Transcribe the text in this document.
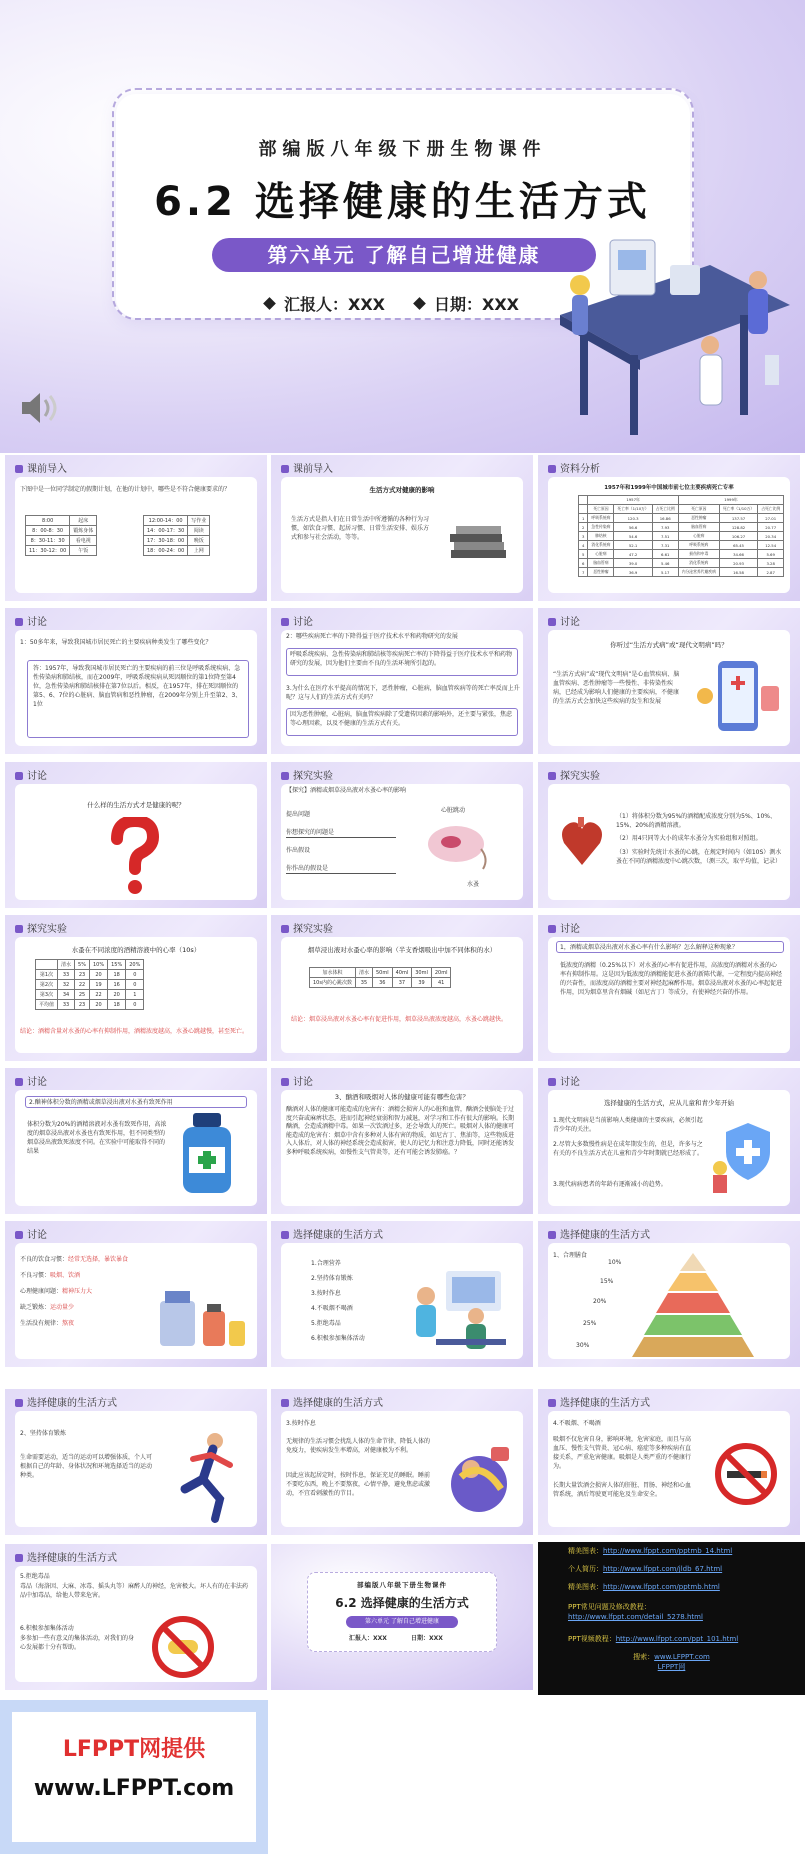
部编版八年级下册生物课件
6.2 选择健康的生活方式
第六单元 了解自己增进健康
汇报人：XXX	日期：XXX
课前导入
下图中是一位同学制定的假期计划，在他的计划中，哪些是不符合健康要求的？
8:00	起床
8：00-8：30	锻炼身体
8：30-11：30	看电视
11：30-12：00	午饭
12:00-14：00	写作业
14：00-17：30	阅读
17：30-18：00	晚饭
18：00-24：00	上网
课前导入
生活方式对健康的影响
生活方式是指人们在日常生活中所遵循的各种行为习惯，如饮食习惯、起居习惯、日常生活安排、娱乐方式和参与社会活动，等等。
资料分析
1957年和1999年中国城市前七位主要疾病死亡专率
	1957年			1999年		
	死亡原因	死亡率（1/10万）	占死亡比例	死亡原因	死亡率（1/10万）	占死亡比例
1	呼吸系统病	120.3	16.86	恶性肿瘤	137.57	27.01
2	急性传染病	56.6	7.93	脑血管病	128.82	20.77
3	肺结核	54.6	7.51	心脏病	106.27	20.34
4	消化系统病	52.1	7.31	呼吸系统病	65.45	12.54
5	心脏病	47.2	6.61	损伤和中毒	34.66	5.69
6	脑血管病	39.0	5.46	消化系统病	20.93	3.28
7	恶性肿瘤	36.9	5.17	内分泌营养代谢疾病	16.58	2.87
讨论
1：50多年来，导致我国城市居民死亡的主要疾病种类发生了哪些变化？
答：1957年，导致我国城市居民死亡的主要疾病的前三位是呼吸系统疾病、急性传染病和肺结核，而在2009年，呼吸系统疾病从死因顺位的第1位降至第4位，急性传染病和肺结核排在第7位以后。相反，在1957年，排在死因顺位的第5、6、7位的心脏病、脑血管病和恶性肿瘤，在2009年分别上升至第2、3、1位
讨论
2：哪些疾病死亡率的下降得益于医疗技术水平和药物研究的发展
呼吸系统疾病、急性传染病和肺结核等疾病死亡率的下降得益于医疗技术水平和药物研究的发展，因为他们主要由不良的生活环境所引起的。
3.为什么在医疗水平提高的情况下，恶性肿瘤，心脏病，脑血管疾病等的死亡率反而上升呢？这与人们的生活方式有关吗？
因为恶性肿瘤，心脏病，脑血管疾病除了受遗传因素的影响外，还主要与紧张，焦虑等心理因素，以及不健康的生活方式有关。
讨论
你听过“生活方式病”或“现代文明病”吗？
“生活方式病”或“现代文明病”是心血管疾病、脑血管疾病、恶性肿瘤等一些慢性、非传染性疾病，已经成为影响人们健康的主要疾病，不健康的生活方式会加快这些疾病的发生和发展
讨论
什么样的生活方式才是健康的呢？
探究实验
【探究】酒精或烟草浸出液对水蚤心率的影响
提出问题
你想探究的问题是
作出假设
你作出的假设是
心脏跳动
水蚤
探究实验
（1）将体积分数为95%的酒精配成浓度分别为5%、10%、15%、20%的酒精溶液。
（2）用4只同等大小的成年水蚤分为实验组和对照组。
（3）实验时先统计水蚤的心跳，在规定时间内（如10S）测水蚤在不同的酒精浓度中心跳次数，（测三次，取平均值，记录）
探究实验
水蚤在不同浓度的酒精溶液中的心率（10s）
	清水	5%	10%	15%	20%
第1次	33	23	20	18	0
第2次	32	22	19	16	0
第3次	34	25	22	20	1
平均值	33	23	20	18	0
结论：酒精含量对水蚤的心率有抑制作用，酒精浓度越高，水蚤心跳越慢，甚至死亡。
探究实验
烟草浸出液对水蚤心率的影响（半支香烟吸出中加不同体积的水）
加水体积	清水	50ml	40ml	30ml	20ml
10s内的心跳次数	35	36	37	39	41
结论：烟草浸出液对水蚤心率有促进作用，烟草浸出液浓度越高，水蚤心跳越快。
讨论
1，酒精或烟草浸出液对水蚤心率有什么影响？怎么解释这种现象？
低浓度的酒精（0.25%以下）对水蚤的心率有促进作用，高浓度的酒精对水蚤的心率有抑制作用。这是因为低浓度的酒精能促进水蚤的新陈代谢，一定程度内提高神经的兴奋性，而浓度高的酒精主要对神经起麻醉作用。烟草浸出液对水蚤的心率起促进作用，因为烟草里含有烟碱（如尼古丁）等成分，有使神经兴奋的作用。
讨论
2.酗神体积分数的酒精或烟草浸出液对水蚤有致死作用
体积分数为20%的酒精溶液对水蚤有致死作用，高浓度的烟草浸出液对水蚤也有致死作用，但不同类型的烟草浸出液致死浓度不同。在实验中可能取得不同的结果
讨论
3、酗酒和吸烟对人体的健康可能有哪些危害？
酗酒对人体的健康可能造成的危害有：酒精会损害人的心脏和血管，酗酒会使脑处于过度兴奋或麻痹状态，进而引起神经衰弱和智力减退，对学习和工作有很大的影响。长期酗酒，会造成酒精中毒。如果一次饮酒过多，还会导致人的死亡。吸烟对人体的健康可能造成的危害有：烟草中含有多种对人体有害的物质，如尼古丁、焦油等，这些物质进入人体后，对人体的神经系统会造成损害，使人的记忆力和注意力降低，同时还能诱发多种呼吸系统疾病，如慢性支气管炎等，还有可能会诱发肺癌。？
讨论
选择健康的生活方式，应从儿童和青少年开始
1.现代文明病是当前影响人类健康的主要疾病，必须引起青少年的关注。
2.尽管大多数慢性病是在成年期发生的，但是，许多与之有关的不良生活方式在儿童和青少年时期就已经形成了。
3.现代病病患者的年龄有逐渐减小的趋势。
讨论
不良的饮食习惯：经常无选择，暴饮暴食
不良习惯：吸烟、饮酒
心理健康问题：精神压力大
缺乏锻炼：运动量少
生活没有规律：熬夜
选择健康的生活方式
1.合理营养
2.坚持体育锻炼
3.按时作息
4.不吸烟不喝酒
5.拒绝毒品
6.积极参加集体活动
选择健康的生活方式
1、合理膳食
10%
15%
20%
25%
30%
选择健康的生活方式
2、坚持体育锻炼
生命需要运动，适当的运动可以增强体质，个人可根据自己的年龄、身体状况和环境选择适当的运动种类。
选择健康的生活方式
3.按时作息
无规律的生活习惯会扰乱人体的生命节律，降低人体的免疫力，使疾病发生率增高，对健康极为不利。
因此应该起居定时，按时作息，保证充足的睡眠。睡前不要吃东西，晚上不要熬夜，心情平静，避免焦虑或激动，不宜看刺激性的节目。
选择健康的生活方式
4.不吸烟、不喝酒
吸烟不仅危害自身，影响环境，危害家庭，而且与高血压、慢性支气管炎、冠心病、癌症等多种疾病有直接关系，严重危害健康。吸烟是人类严重的不健康行为。
长期大量饮酒会损害人体的肝脏、胃肠、神经和心血管系统，酒后驾驶更可能危及生命安全。
选择健康的生活方式
5.拒绝毒品
毒品（海洛因、大麻、冰毒、摇头丸等）麻醉人的神经，危害极大。坏人有的在非法药品中加毒品，给他人带来危害。
6.积极参加集体活动
多参加一些有意义的集体活动，对我们的身心发展都十分有帮助。
部编版八年级下册生物课件
6.2 选择健康的生活方式
第六单元 了解自己增进健康
汇报人：XXX	日期：XXX
精美图表：http://www.lfppt.com/pptmb_14.html
个人简历：http://www.lfppt.com/jldb_67.html
精美图表：http://www.lfppt.com/pptmb.html
PPT常见问题及修改教程：
http://www.lfppt.com/detail_5278.html
PPT视频教程：http://www.lfppt.com/ppt_101.html
搜索：www.LFPPT.com
LFPPT网
LFPPT网提供
www.LFPPT.com
